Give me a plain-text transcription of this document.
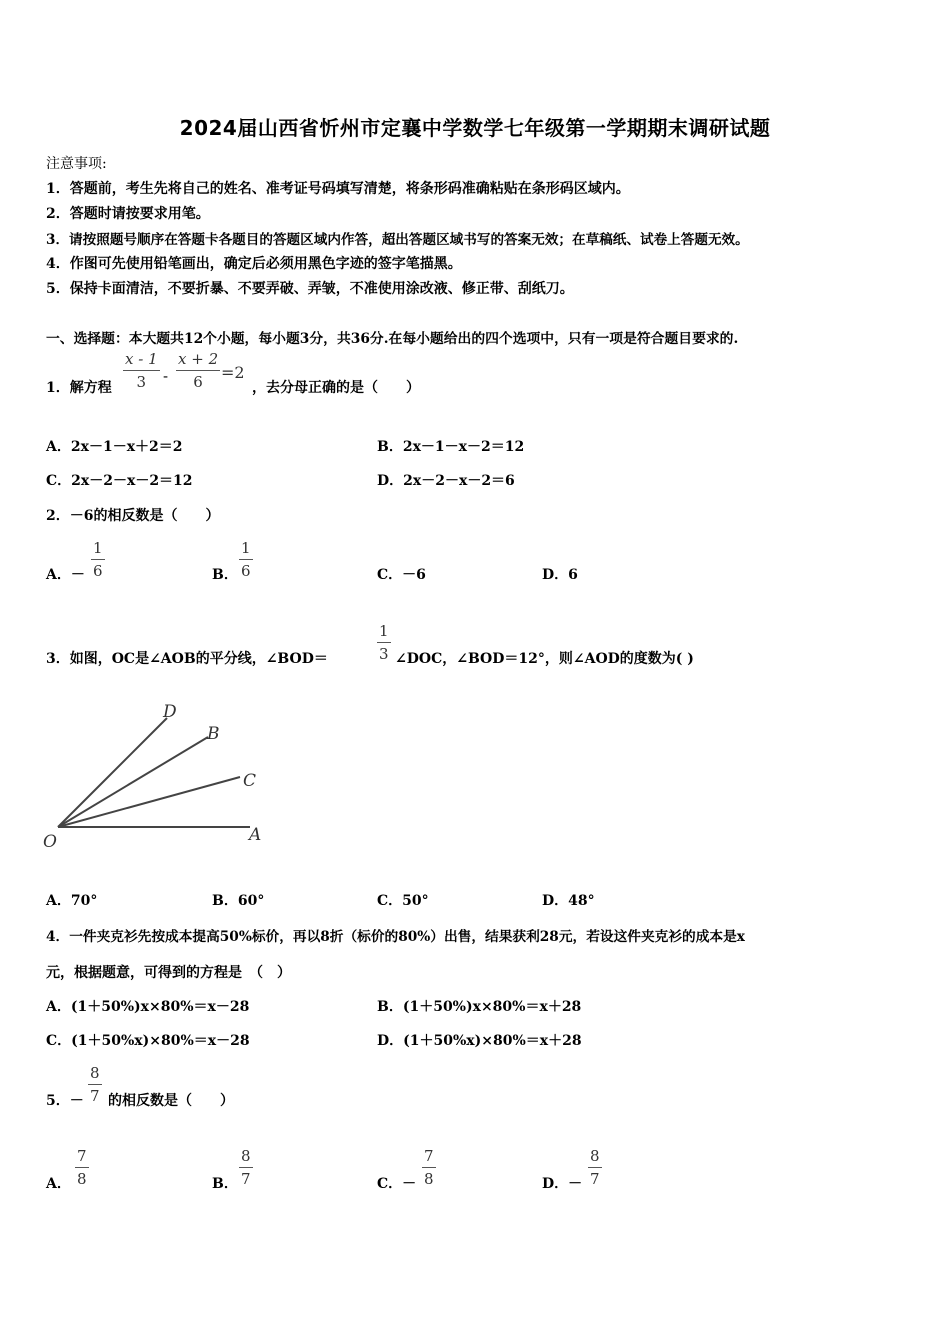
2024届山西省忻州市定襄中学数学七年级第一学期期末调研试题
注意事项:
1．答题前，考生先将自己的姓名、准考证号码填写清楚，将条形码准确粘贴在条形码区域内。
2．答题时请按要求用笔。
3．请按照题号顺序在答题卡各题目的答题区域内作答，超出答题区域书写的答案无效；在草稿纸、试卷上答题无效。
4．作图可先使用铅笔画出，确定后必须用黑色字迹的签字笔描黑。
5．保持卡面清洁，不要折暴、不要弄破、弄皱，不准使用涂改液、修正带、刮纸刀。
一、选择题：本大题共12个小题，每小题3分，共36分.在每小题给出的四个选项中，只有一项是符合题目要求的.
1．解方程 $\frac{x - 1}{3} - \frac{x + 2}{6} =2$
，去分母正确的是（　　）
A．2x－1－x＋2＝2	B．2x－1－x－2＝12
C．2x－2－x－2＝12	D．2x－2－x－2＝6
2．－6的相反数是（　　）
A．－ $\frac{1}{6}$	B． $\frac{1}{6}$	C．－6	D．6
3．如图，OC是∠AOB的平分线，∠BOD＝	$\frac{1}{3}$ ∠DOC，∠BOD＝12°，则∠AOD的度数为( )
D
B
C
O	A
A．70°	B．60°	C．50°	D．48°
4．一件夹克衫先按成本提高50%标价，再以8折（标价的80%）出售，结果获利28元，若设这件夹克衫的成本是x
元，根据题意，可得到的方程是　（　）
A．(1＋50%)x×80%＝x－28	B．(1＋50%)x×80%＝x＋28
C．(1＋50%x)×80%＝x－28	D．(1＋50%x)×80%＝x＋28
5．－ $\frac{8}{7}$ 的相反数是（　　）
A． $\frac{7}{8}$	B． $\frac{8}{7}$	C．－ $\frac{7}{8}$	D．－ $\frac{8}{7}$
